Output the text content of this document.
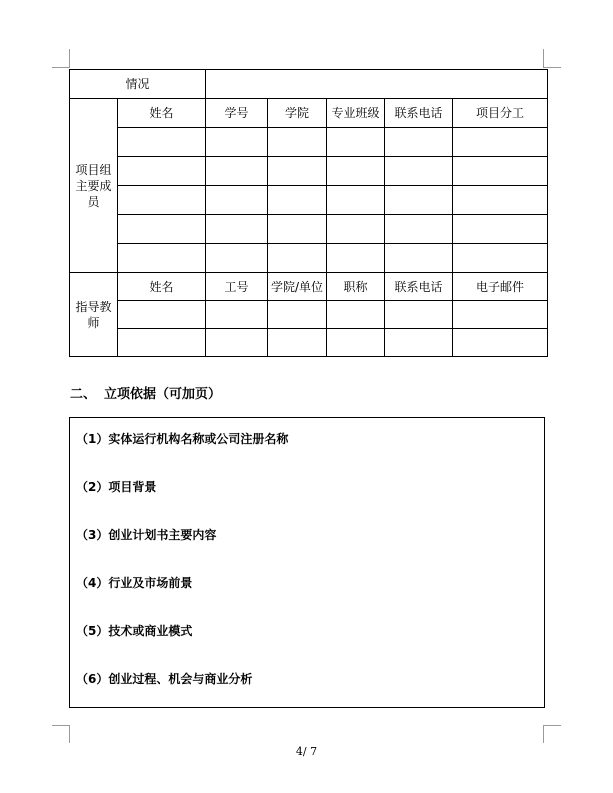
情况						
项目组主要成员	姓名	学号	学院	专业班级	联系电话	项目分工

指导教师	姓名	工号	学院/单位	职称	联系电话	电子邮件

二、 立项依据（可加页）
（1）实体运行机构名称或公司注册名称
（2）项目背景
（3）创业计划书主要内容
（4）行业及市场前景
（5）技术或商业模式
（6）创业过程、机会与商业分析
4/ 7
